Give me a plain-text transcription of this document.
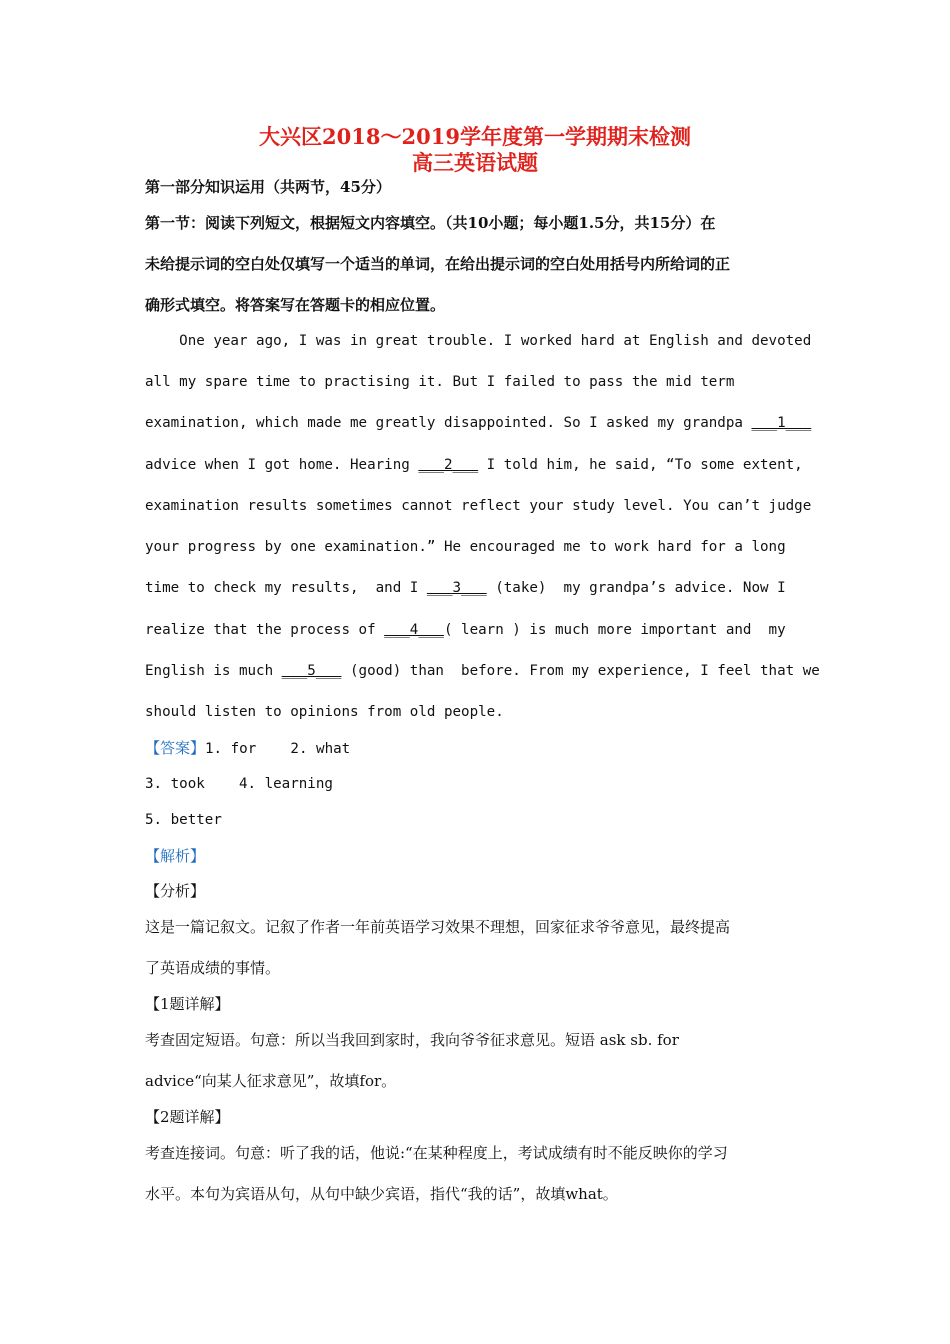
大兴区2018～2019学年度第一学期期末检测
高三英语试题
第一部分知识运用（共两节，45分）
第一节：阅读下列短文，根据短文内容填空。（共10小题；每小题1.5分，共15分）在
未给提示词的空白处仅填写一个适当的单词，在给出提示词的空白处用括号内所给词的正
确形式填空。将答案写在答题卡的相应位置。
One year ago, I was in great trouble. I worked hard at English and devoted
all my spare time to practising it. But I failed to pass the mid term
examination, which made me greatly disappointed. So I asked my grandpa ___1___
advice when I got home. Hearing ___2___ I told him, he said, “To some extent,
examination results sometimes cannot reflect your study level. You can’t judge
your progress by one examination.” He encouraged me to work hard for a long
time to check my results,  and I ___3___ (take)  my grandpa’s advice. Now I
realize that the process of ___4___( learn ) is much more important and  my
English is much ___5___ (good) than  before. From my experience, I feel that we
should listen to opinions from old people.
【答案】1. for    2. what
3. took    4. learning
5. better
【解析】
【分析】
这是一篇记叙文。记叙了作者一年前英语学习效果不理想，回家征求爷爷意见，最终提高
了英语成绩的事情。
【1题详解】
考查固定短语。句意：所以当我回到家时，我向爷爷征求意见。短语 ask sb. for
advice“向某人征求意见”，故填for。
【2题详解】
考查连接词。句意：听了我的话，他说:“在某种程度上，考试成绩有时不能反映你的学习
水平。本句为宾语从句，从句中缺少宾语，指代“我的话”，故填what。
